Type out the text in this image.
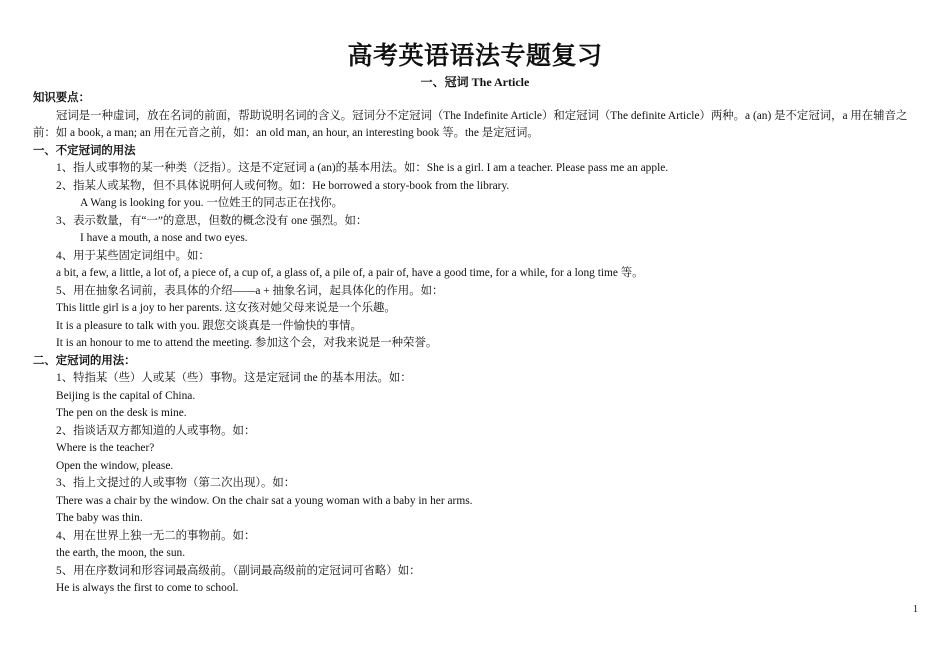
高考英语语法专题复习
一、冠词 The Article
知识要点：
冠词是一种虚词，放在名词的前面，帮助说明名词的含义。冠词分不定冠词（The Indefinite Article）和定冠词（The definite Article）两种。a (an) 是不定冠词，a 用在辅音之前：如 a book, a man; an 用在元音之前，如：an old man, an hour, an interesting book 等。the 是定冠词。
一、不定冠词的用法
1、指人或事物的某一种类（泛指）。这是不定冠词 a (an)的基本用法。如：She is a girl. I am a teacher. Please pass me an apple.
2、指某人或某物，但不具体说明何人或何物。如：He borrowed a story-book from the library.
A Wang is looking for you. 一位姓王的同志正在找你。
3、表示数量，有“一”的意思，但数的概念没有 one 强烈。如：
I have a mouth, a nose and two eyes.
4、用于某些固定词组中。如：
a bit, a few, a little, a lot of, a piece of, a cup of, a glass of, a pile of, a pair of, have a good time, for a while, for a long time 等。
5、用在抽象名词前，表具体的介绍——a + 抽象名词，起具体化的作用。如：
This little girl is a joy to her parents. 这女孩对她父母来说是一个乐趣。
It is a pleasure to talk with you. 跟您交谈真是一件愉快的事情。
It is an honour to me to attend the meeting. 参加这个会，对我来说是一种荣誉。
二、定冠词的用法：
1、特指某（些）人或某（些）事物。这是定冠词 the 的基本用法。如：
Beijing is the capital of China.
The pen on the desk is mine.
2、指谈话双方都知道的人或事物。如：
Where is the teacher?
Open the window, please.
3、指上文提过的人或事物（第二次出现）。如：
There was a chair by the window. On the chair sat a young woman with a baby in her arms.
The baby was thin.
4、用在世界上独一无二的事物前。如：
the earth, the moon, the sun.
5、用在序数词和形容词最高级前。（副词最高级前的定冠词可省略）如：
He is always the first to come to school.
1
